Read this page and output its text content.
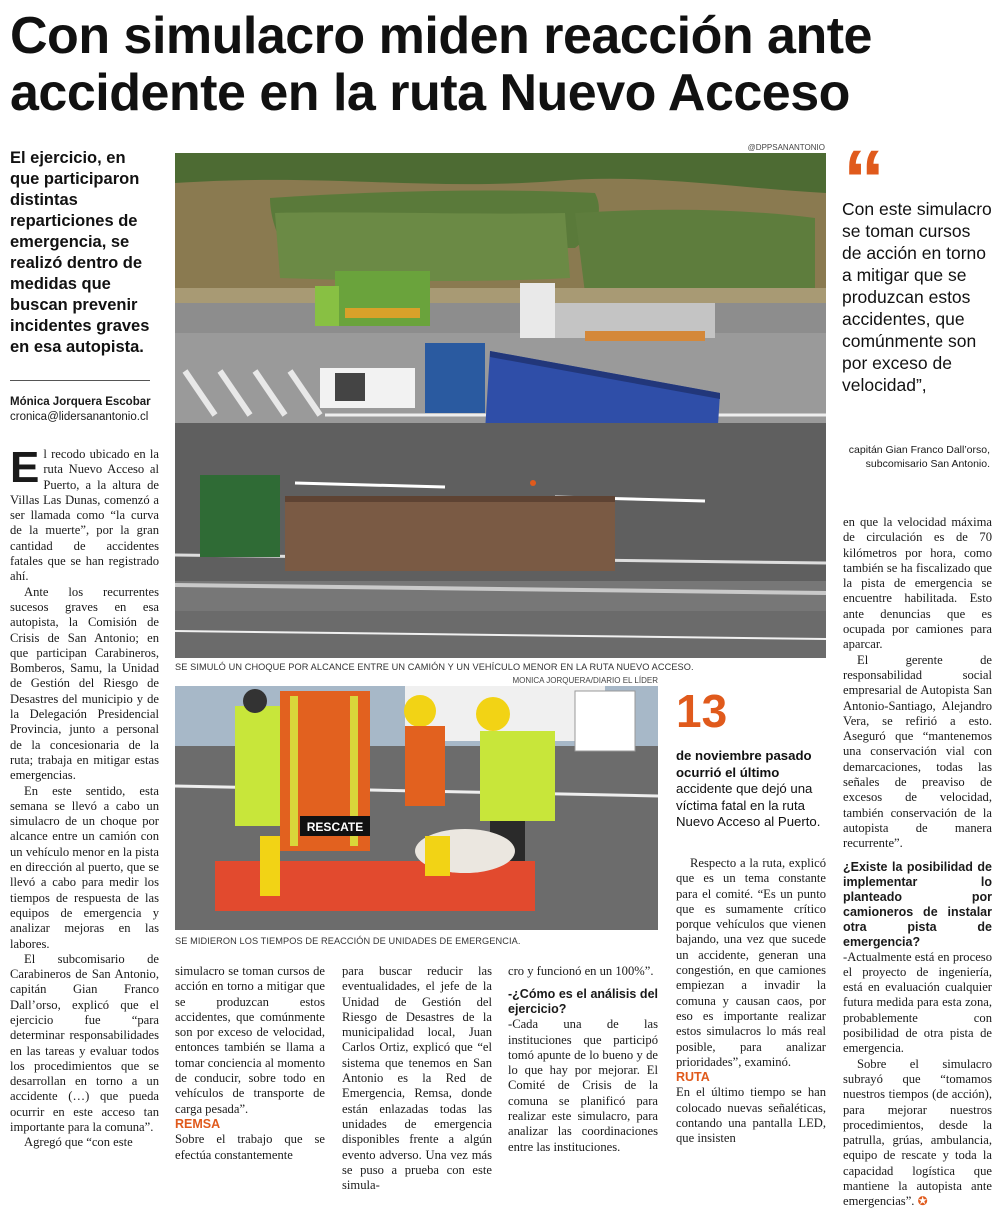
Con simulacro miden reacción ante accidente en la ruta Nuevo Acceso

El ejercicio, en que participaron distintas reparticiones de emergencia, se realizó dentro de medidas que buscan prevenir incidentes graves en esa autopista.

Mónica Jorquera Escobar
cronica@lidersanantonio.cl
@DPPSANANTONIO
SE SIMULÓ UN CHOQUE POR ALCANCE ENTRE UN CAMIÓN Y UN VEHÍCULO MENOR EN LA RUTA NUEVO ACCESO.
MONICA JORQUERA/DIARIO EL LÍDER
RESCATE
SE MIDIERON LOS TIEMPOS DE REACCIÓN DE UNIDADES DE EMERGENCIA.
“
Con este simulacro se toman cursos de acción en torno a mitigar que se produzcan estos accidentes, que comúnmente son por exceso de velocidad”,
capitán Gian Franco Dall’orso,
subcomisario San Antonio.
13
de noviembre pasado ocurrió el último accidente que dejó una víctima fatal en la ruta Nuevo Acceso al Puerto.

El recodo ubicado en la ruta Nuevo Acceso al Puerto, a la altura de Villas Las Dunas, comenzó a ser llamada como “la curva de la muerte”, por la gran cantidad de accidentes fatales que se han registrado ahí.

Ante los recurrentes sucesos graves en esa autopista, la Comisión de Crisis de San Antonio; en que participan Carabineros, Bomberos, Samu, la Unidad de Gestión del Riesgo de Desastres del municipio y de la Delegación Presidencial Provincia, junto a personal de la concesionaria de la ruta; trabaja en mitigar estas emergencias.

En este sentido, esta semana se llevó a cabo un simulacro de un choque por alcance entre un camión con un vehículo menor en la pista en dirección al puerto, que se llevó a cabo para medir los tiempos de respuesta de las equipos de emergencia y analizar mejoras en las labores.

El subcomisario de Carabineros de San Antonio, capitán Gian Franco Dall’orso, explicó que el ejercicio fue “para determinar responsabilidades en las tareas y evaluar todos los procedimientos que se desarrollan en torno a un accidente (…) que pueda ocurrir en este acceso tan importante para la comuna”.

Agregó que “con este

simulacro se toman cursos de acción en torno a mitigar que se produzcan estos accidentes, que comúnmente son por exceso de velocidad, entonces también se llama a tomar conciencia al momento de conducir, sobre todo en vehículos de transporte de carga pesada”.

REMSA

Sobre el trabajo que se efectúa constantemente

para buscar reducir las eventualidades, el jefe de la Unidad de Gestión del Riesgo de Desastres de la municipalidad local, Juan Carlos Ortiz, explicó que “el sistema que tenemos en San Antonio es la Red de Emergencia, Remsa, donde están enlazadas todas las unidades de emergencia disponibles frente a algún evento adverso. Una vez más se puso a prueba con este simula-

cro y funcionó en un 100%”.

-¿Cómo es el análisis del ejercicio?

-Cada una de las instituciones que participó tomó apunte de lo bueno y de lo que hay por mejorar. El Comité de Crisis de la comuna se planificó para realizar este simulacro, para analizar las coordinaciones entre las instituciones.

Respecto a la ruta, explicó que es un tema constante para el comité. “Es un punto que es sumamente crítico porque vehículos que vienen bajando, una vez que sucede un accidente, generan una congestión, en que camiones empiezan a invadir la comuna y causan caos, por eso es importante realizar estos simulacros lo más real posible, para analizar prioridades”, examinó.

RUTA

En el último tiempo se han colocado nuevas señaléticas, contando una pantalla LED, que insisten

en que la velocidad máxima de circulación es de 70 kilómetros por hora, como también se ha fiscalizado que la pista de emergencia se encuentre habilitada. Esto ante denuncias que es ocupada por camiones para aparcar.

El gerente de responsabilidad social empresarial de Autopista San Antonio-Santiago, Alejandro Vera, se refirió a esto. Aseguró que “mantenemos una conservación vial con demarcaciones, todas las señales de preaviso de excesos de velocidad, también conservación de la autopista de manera recurrente”.

¿Existe la posibilidad de implementar lo planteado por camioneros de instalar otra pista de emergencia?

-Actualmente está en proceso el proyecto de ingeniería, está en evaluación cualquier futura medida para esta zona, probablemente con posibilidad de otra pista de emergencia.

Sobre el simulacro subrayó que “tomamos nuestros tiempos (de acción), para mejorar nuestros procedimientos, desde la patrulla, grúas, ambulancia, equipo de rescate y toda la capacidad logística que mantiene la autopista ante emergencias”. ✪
